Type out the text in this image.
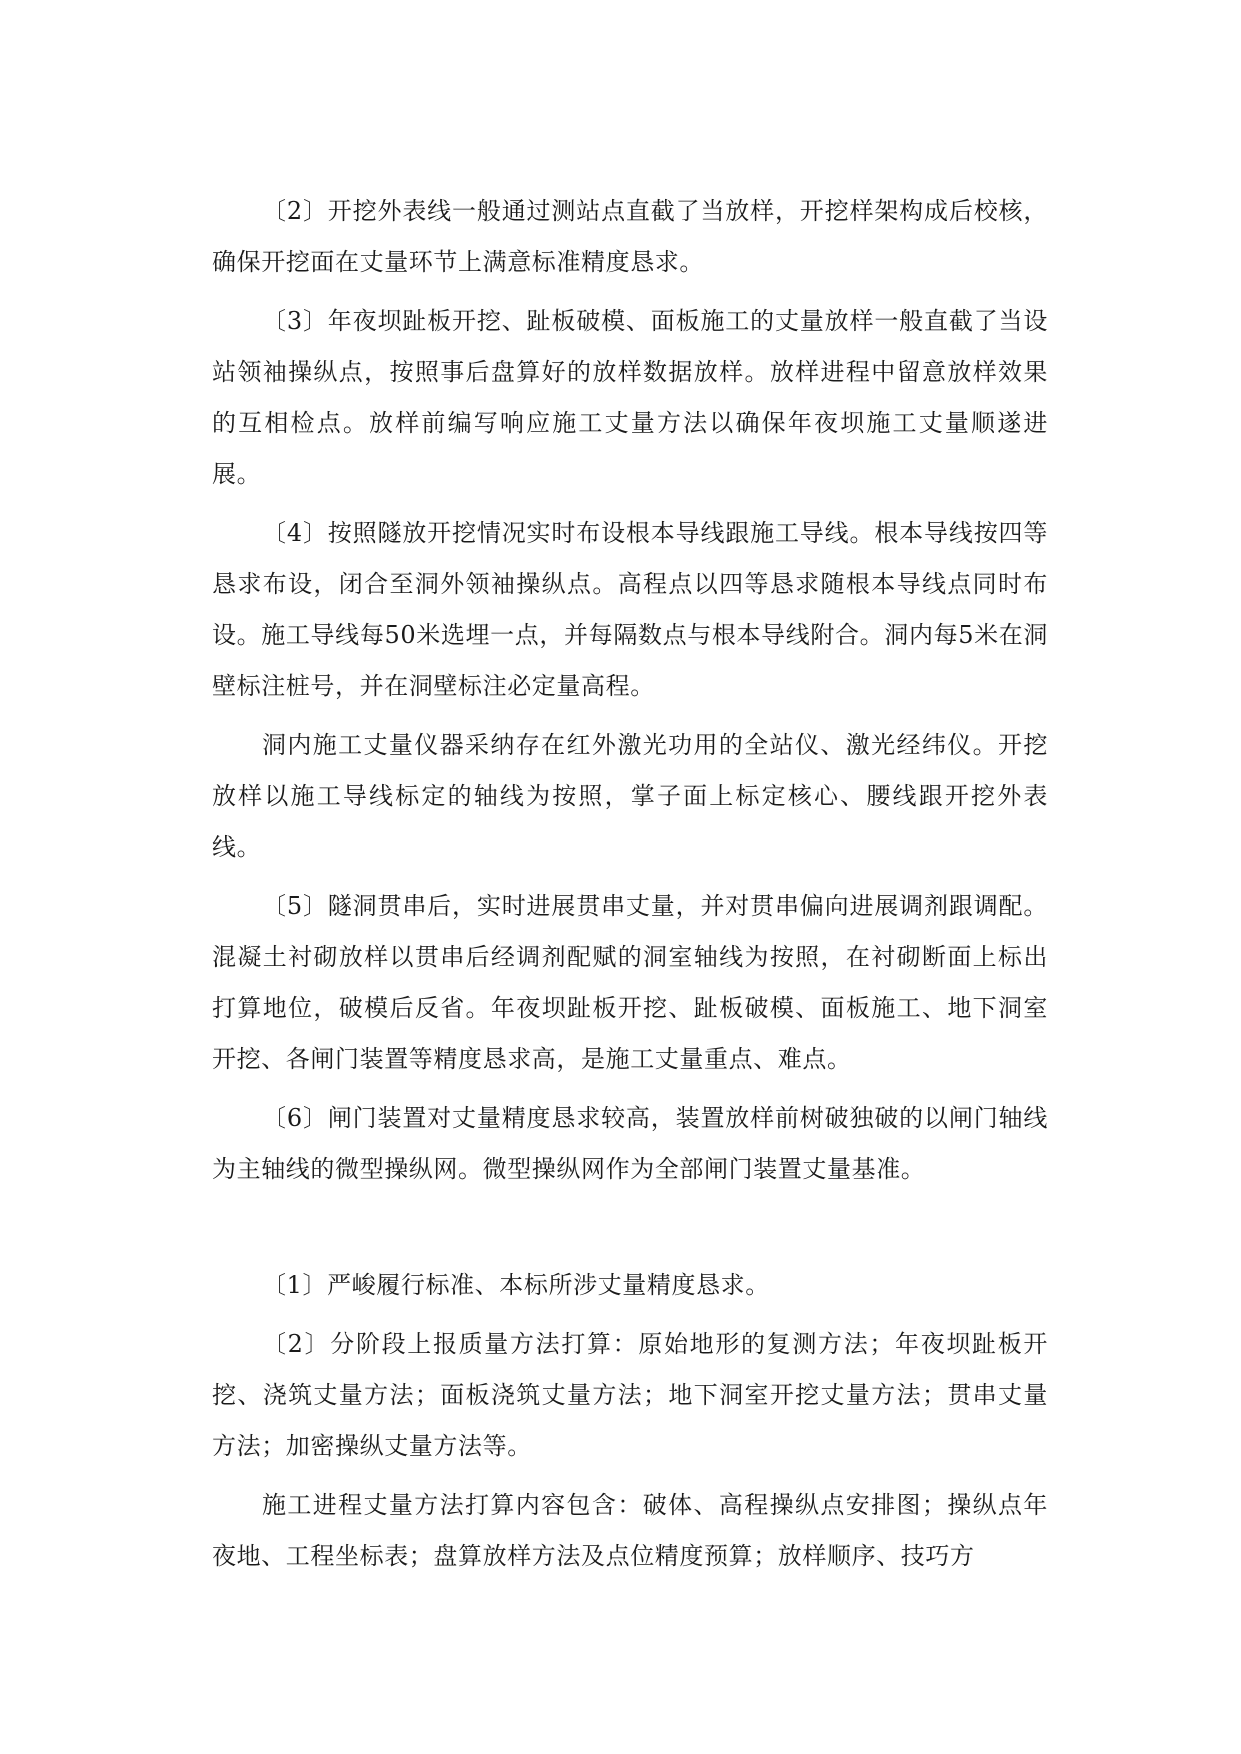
〔2〕开挖外表线一般通过测站点直截了当放样，开挖样架构成后校核，确保开挖面在丈量环节上满意标准精度恳求。

〔3〕年夜坝趾板开挖、趾板破模、面板施工的丈量放样一般直截了当设站领袖操纵点，按照事后盘算好的放样数据放样。放样进程中留意放样效果的互相检点。放样前编写响应施工丈量方法以确保年夜坝施工丈量顺遂进展。

〔4〕按照隧放开挖情况实时布设根本导线跟施工导线。根本导线按四等恳求布设，闭合至洞外领袖操纵点。高程点以四等恳求随根本导线点同时布设。施工导线每50米选埋一点，并每隔数点与根本导线附合。洞内每5米在洞壁标注桩号，并在洞壁标注必定量高程。

洞内施工丈量仪器采纳存在红外激光功用的全站仪、激光经纬仪。开挖放样以施工导线标定的轴线为按照，掌子面上标定核心、腰线跟开挖外表线。

〔5〕隧洞贯串后，实时进展贯串丈量，并对贯串偏向进展调剂跟调配。混凝土衬砌放样以贯串后经调剂配赋的洞室轴线为按照，在衬砌断面上标出打算地位，破模后反省。年夜坝趾板开挖、趾板破模、面板施工、地下洞室开挖、各闸门装置等精度恳求高，是施工丈量重点、难点。

〔6〕闸门装置对丈量精度恳求较高，装置放样前树破独破的以闸门轴线为主轴线的微型操纵网。微型操纵网作为全部闸门装置丈量基准。

〔1〕严峻履行标准、本标所涉丈量精度恳求。

〔2〕分阶段上报质量方法打算：原始地形的复测方法；年夜坝趾板开挖、浇筑丈量方法；面板浇筑丈量方法；地下洞室开挖丈量方法；贯串丈量方法；加密操纵丈量方法等。

施工进程丈量方法打算内容包含：破体、高程操纵点安排图；操纵点年夜地、工程坐标表；盘算放样方法及点位精度预算；放样顺序、技巧方
